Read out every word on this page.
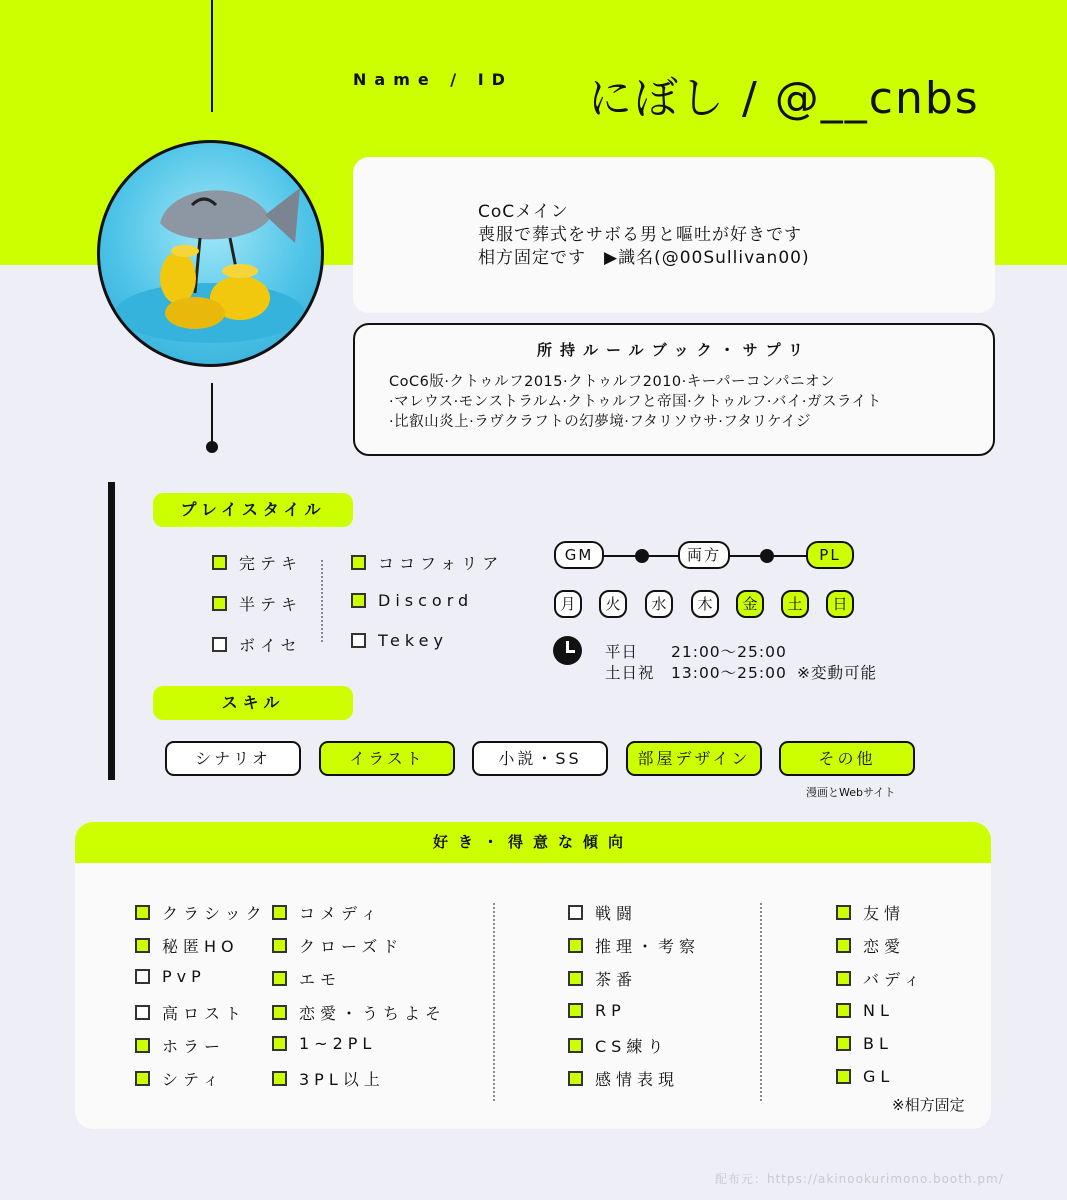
Name / ID にぼし / @__cnbs
CoCメイン
喪服で葬式をサボる男と嘔吐が好きです
相方固定です　▶識名(@00Sullivan00)
所持ルールブック・サプリ
CoC6版·クトゥルフ2015·クトゥルフ2010·キーパーコンパニオン
·マレウス·モンストラルム·クトゥルフと帝国·クトゥルフ·バイ·ガスライト
·比叡山炎上·ラヴクラフトの幻夢境·フタリソウサ·フタリケイジ
プレイスタイル
完テキ
半テキ
ボイセ
ココフォリア
Discord
Tekey
GM	両方	PL
月	火	水	木	金	土	日
平日 21:00〜25:00
土日祝 13:00〜25:00 ※変動可能
スキル
シナリオ	イラスト	小説・SS	部屋デザイン	その他
漫画とWebサイト
好き・得意な傾向
クラシック
秘匿HO
PvP
高ロスト
ホラー
シティ
コメディ
クローズド
エモ
恋愛・うちよそ
1~2PL
3PL以上
戦闘
推理・考察
茶番
RP
CS練り
感情表現
友情
恋愛
バディ
NL
BL
GL
※相方固定
配布元：https://akinookurimono.booth.pm/
